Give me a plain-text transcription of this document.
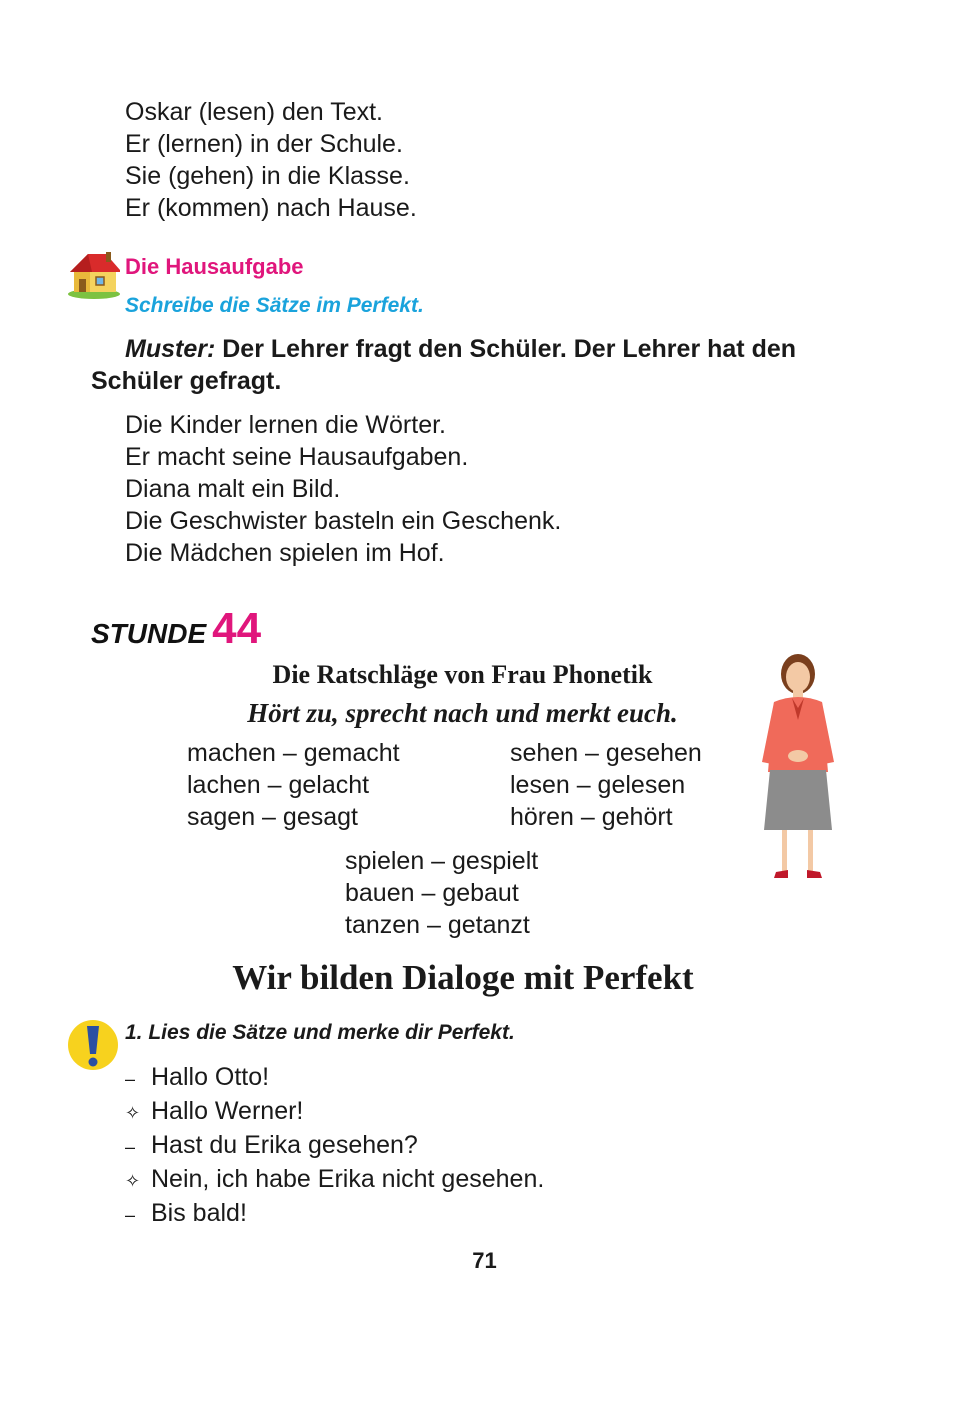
Oskar (lesen) den Text.
Er (lernen) in der Schule.
Sie (gehen) in die Klasse.
Er (kommen) nach Hause.
Die Hausaufgabe
Schreibe die Sätze im Perfekt.
Muster: Der Lehrer fragt den Schüler. Der Lehrer hat den Schüler gefragt.
Die Kinder lernen die Wörter.
Er macht seine Hausaufgaben.
Diana malt ein Bild.
Die Geschwister basteln ein Geschenk.
Die Mädchen spielen im Hof.
STUNDE 44
Die Ratschläge von Frau Phonetik
Hört zu, sprecht nach und merkt euch.
machen – gemacht
lachen – gelacht
sagen – gesagt
sehen – gesehen
lesen – gelesen
hören – gehört
spielen – gespielt
bauen – gebaut
tanzen – getanzt
Wir bilden Dialoge mit Perfekt
1. Lies die Sätze und merke dir Perfekt.
– Hallo Otto!
✧ Hallo Werner!
– Hast du Erika gesehen?
✧ Nein, ich habe Erika nicht gesehen.
– Bis bald!
71
